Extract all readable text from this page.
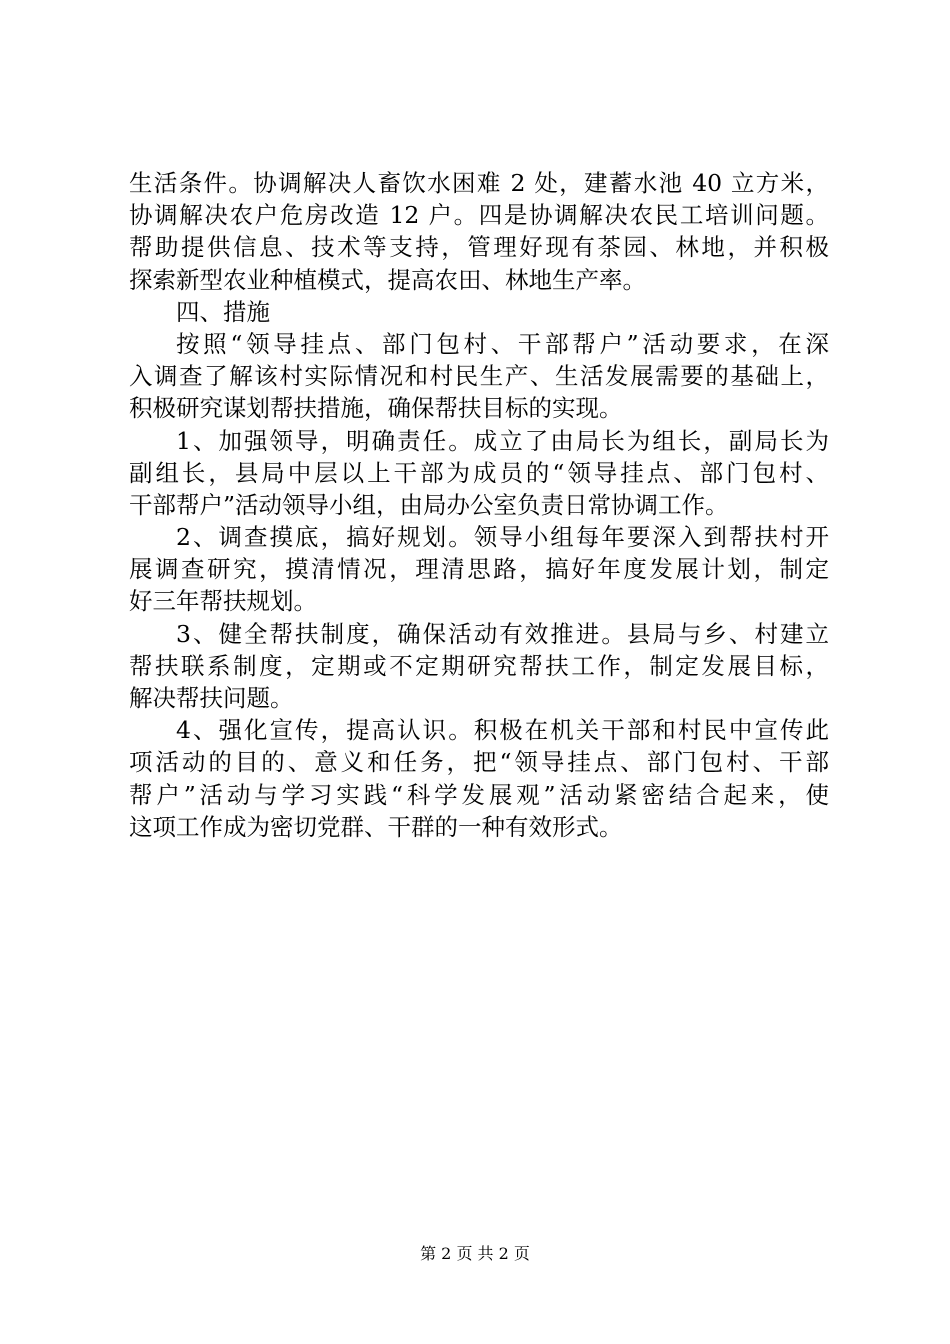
生活条件。协调解决人畜饮水困难 2 处，建蓄水池 40 立方米，
协调解决农户危房改造 12 户。四是协调解决农民工培训问题。
帮助提供信息、技术等支持，管理好现有茶园、林地，并积极
探索新型农业种植模式，提高农田、林地生产率。
四、措施
按照“领导挂点、部门包村、干部帮户”活动要求，在深
入调查了解该村实际情况和村民生产、生活发展需要的基础上，
积极研究谋划帮扶措施，确保帮扶目标的实现。
1、加强领导，明确责任。成立了由局长为组长，副局长为
副组长，县局中层以上干部为成员的“领导挂点、部门包村、
干部帮户”活动领导小组，由局办公室负责日常协调工作。
2、调查摸底，搞好规划。领导小组每年要深入到帮扶村开
展调查研究，摸清情况，理清思路，搞好年度发展计划，制定
好三年帮扶规划。
3、健全帮扶制度，确保活动有效推进。县局与乡、村建立
帮扶联系制度，定期或不定期研究帮扶工作，制定发展目标，
解决帮扶问题。
4、强化宣传，提高认识。积极在机关干部和村民中宣传此
项活动的目的、意义和任务，把“领导挂点、部门包村、干部
帮户”活动与学习实践“科学发展观”活动紧密结合起来，使
这项工作成为密切党群、干群的一种有效形式。
第 2 页 共 2 页
